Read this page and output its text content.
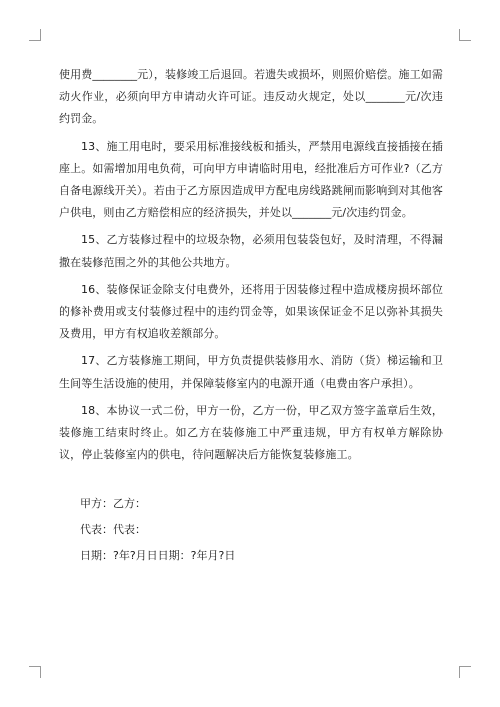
使用费________元），装修竣工后退回。若遗失或损坏，则照价赔偿。施工如需动火作业，必须向甲方申请动火许可证。违反动火规定，处以_______元/次违约罚金。

13、施工用电时，要采用标准接线板和插头，严禁用电源线直接插接在插座上。如需增加用电负荷，可向甲方申请临时用电，经批准后方可作业?（乙方自备电源线开关）。若由于乙方原因造成甲方配电房线路跳闸而影响到对其他客户供电，则由乙方赔偿相应的经济损失，并处以_______元/次违约罚金。

15、乙方装修过程中的垃圾杂物，必须用包装袋包好，及时清理，不得漏撒在装修范围之外的其他公共地方。

16、装修保证金除支付电费外，还将用于因装修过程中造成楼房损坏部位的修补费用或支付装修过程中的违约罚金等，如果该保证金不足以弥补其损失及费用，甲方有权追收差额部分。

17、乙方装修施工期间，甲方负责提供装修用水、消防（货）梯运输和卫生间等生活设施的使用，并保障装修室内的电源开通（电费由客户承担）。

18、本协议一式二份，甲方一份，乙方一份，甲乙双方签字盖章后生效，装修施工结束时终止。如乙方在装修施工中严重违规，甲方有权单方解除协议，停止装修室内的供电，待问题解决后方能恢复装修施工。

甲方：乙方：

代表：代表：

日期：?年?月日日期：?年月?日
